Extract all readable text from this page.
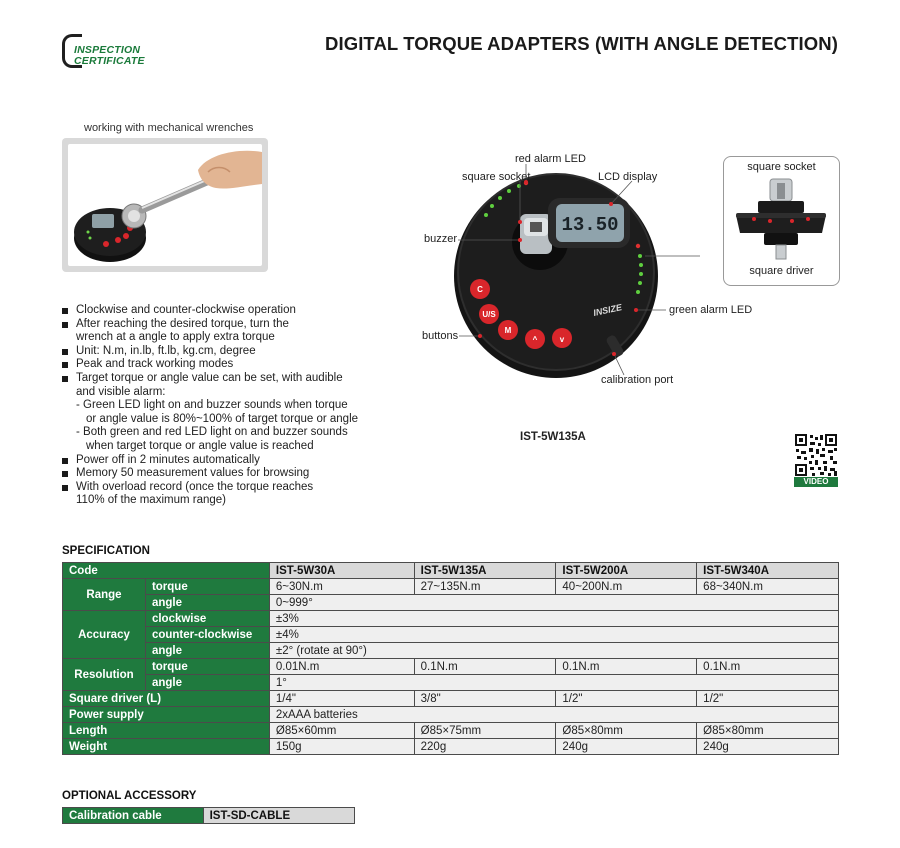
INSPECTION
CERTIFICATE
DIGITAL TORQUE ADAPTERS (WITH ANGLE DETECTION)
working with mechanical wrenches
Clockwise and counter-clockwise operation
After reaching the desired torque, turn the
wrench at a angle to apply extra torque
Unit: N.m, in.lb, ft.lb, kg.cm, degree
Peak and track working modes
Target torque or angle value can be set, with audible
and visible alarm:
- Green LED light on and buzzer sounds when torque
or angle value is 80%~100% of target torque or angle
- Both green and red LED light on and buzzer sounds
when target torque or angle value is reached
Power off in 2 minutes automatically
Memory 50 measurement values for browsing
With overload record (once the torque reaches
110% of the maximum range)
13.50
C
U/S
M
^	v
INSIZE
red alarm LED
square socket	LCD display
buzzer
green alarm LED
buttons
calibration port
IST-5W135A
square socket
square driver
VIDEO
SPECIFICATION
Code		IST-5W30A	IST-5W135A	IST-5W200A	IST-5W340A
Range	torque	6~30N.m	27~135N.m	40~200N.m	68~340N.m
	angle	0~999°			
Accuracy	clockwise	±3%			
	counter-clockwise	±4%			
	angle	±2° (rotate at 90°)			
Resolution	torque	0.01N.m	0.1N.m	0.1N.m	0.1N.m
	angle	1°			
Square driver (L)		1/4"	3/8"	1/2"	1/2"
Power supply		2xAAA batteries			
Length		Ø85×60mm	Ø85×75mm	Ø85×80mm	Ø85×80mm
Weight		150g	220g	240g	240g
OPTIONAL ACCESSORY
Calibration cable	IST-SD-CABLE
